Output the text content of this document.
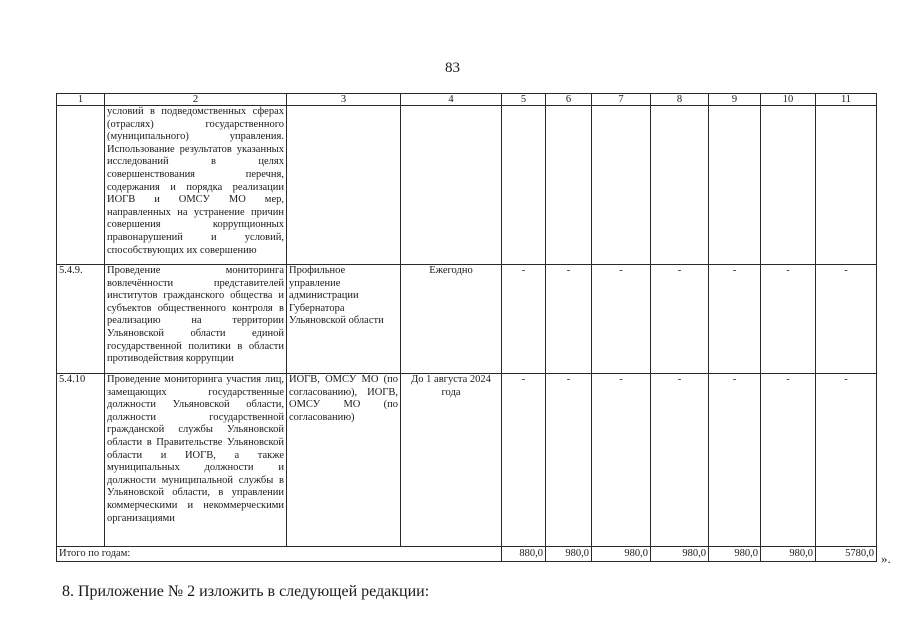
83
1	2	3	4	5	6	7	8	9	10	11
	условий в подведомственных сферах (отраслях) государственного (муниципального) управления. Использование результатов указанных исследований в целях совершенствования перечня, содержания и порядка реализации ИОГВ и ОМСУ МО мер, направленных на устранение причин совершения коррупционных правонарушений и условий, способствующих их совершению									
5.4.9.	Проведение мониторинга вовлечённости представителей институтов гражданского общества и субъектов общественного контроля в реализацию на территории Ульяновской области единой государственной политики в области противодействия коррупции	Профильное управление администрации Губернатора Ульяновской области	Ежегодно	-	-	-	-	-	-	-
5.4.10	Проведение мониторинга участия лиц, замещающих государственные должности Ульяновской области, должности государственной гражданской службы Ульяновской области в Правительстве Ульяновской области и ИОГВ, а также муниципальных должности и должности муниципальной службы в Ульяновской области, в управлении коммерческими и некоммерческими организациями	ИОГВ, ОМСУ МО (по согласованию), ИОГВ, ОМСУ МО (по согласованию)	До 1 августа 2024 года	-	-	-	-	-	-	-
Итого по годам:				880,0	980,0	980,0	980,0	980,0	980,0	5780,0 ».
8. Приложение № 2 изложить в следующей редакции:
